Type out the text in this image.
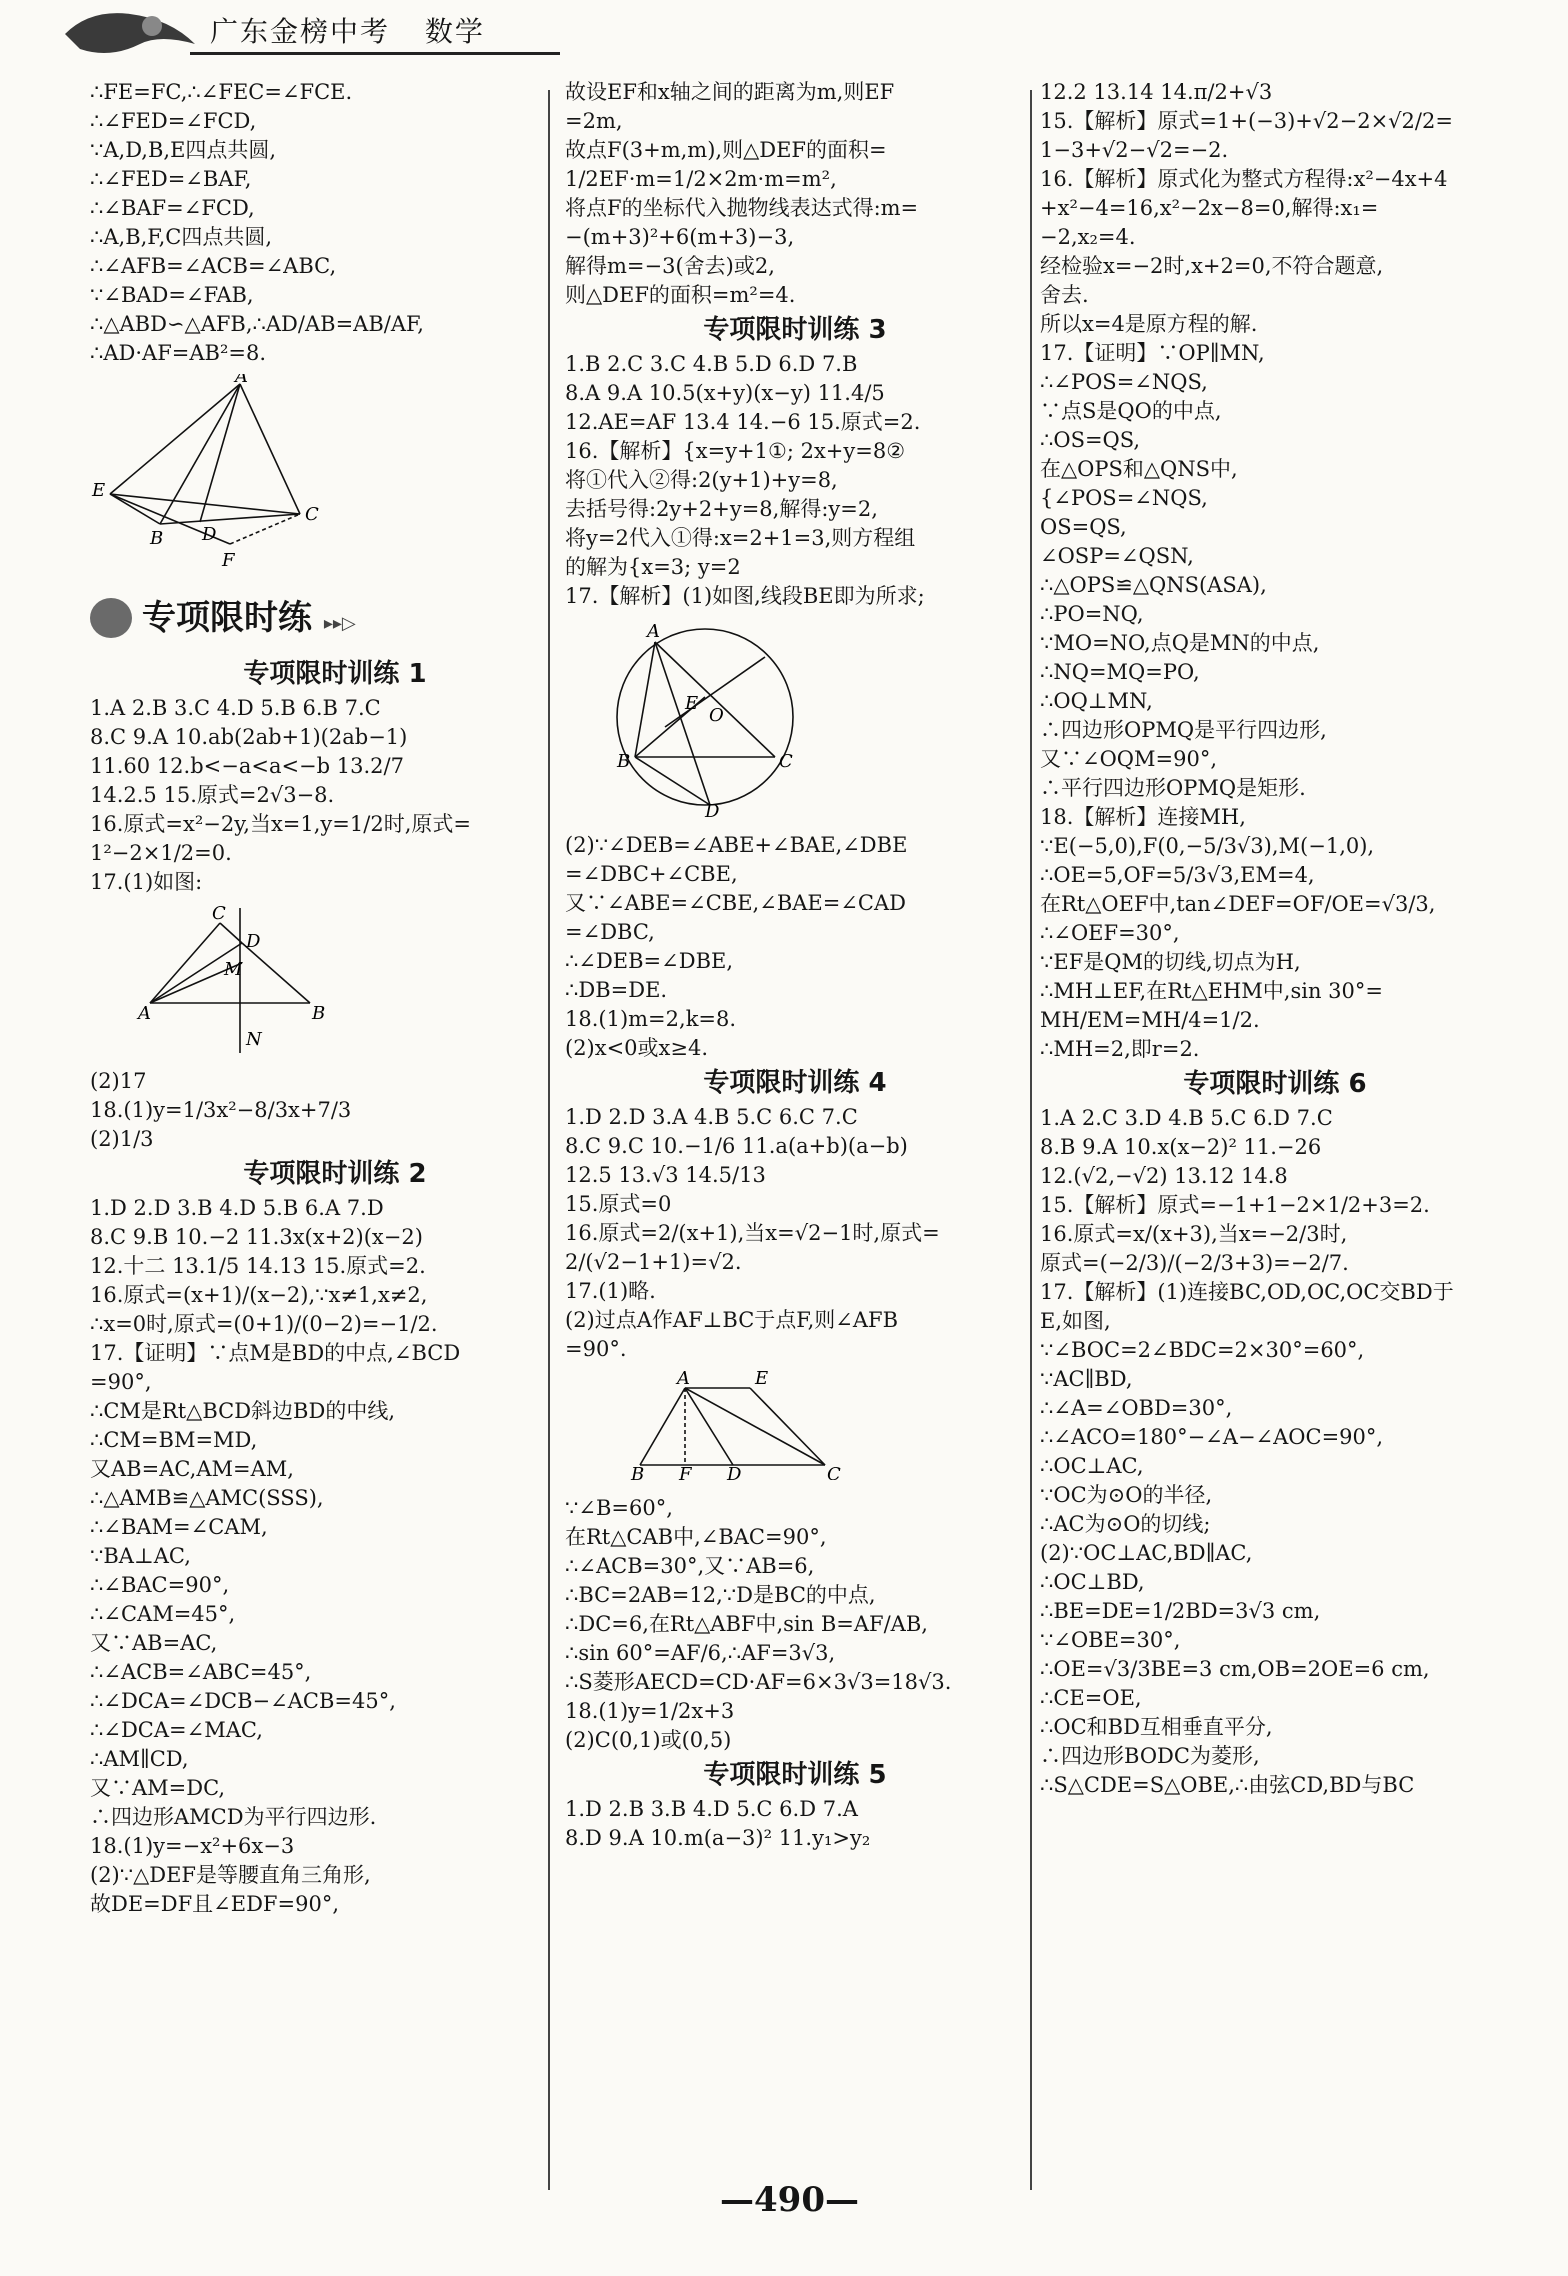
广东金榜中考 数学
∴FE=FC,∴∠FEC=∠FCE.
∴∠FED=∠FCD,
∵A,D,B,E四点共圆,
∴∠FED=∠BAF,
∴∠BAF=∠FCD,
∴A,B,F,C四点共圆,
∴∠AFB=∠ACB=∠ABC,
∵∠BAD=∠FAB,
∴△ABD∽△AFB,∴AD/AB=AB/AF,
∴AD·AF=AB²=8.
A
E
B D
C
F
专项限时练 ▸▸▷
专项限时训练 1
1.A 2.B 3.C 4.D 5.B 6.B 7.C
8.C 9.A 10.ab(2ab+1)(2ab−1)
11.60 12.b<−a<a<−b 13.2/7
14.2.5 15.原式=2√3−8.
16.原式=x²−2y,当x=1,y=1/2时,原式=
1²−2×1/2=0.
17.(1)如图:
C
D
M
A	B
N
(2)17
18.(1)y=1/3x²−8/3x+7/3
(2)1/3
专项限时训练 2
1.D 2.D 3.B 4.D 5.B 6.A 7.D
8.C 9.B 10.−2 11.3x(x+2)(x−2)
12.十二 13.1/5 14.13 15.原式=2.
16.原式=(x+1)/(x−2),∵x≠1,x≠2,
∴x=0时,原式=(0+1)/(0−2)=−1/2.
17.【证明】∵点M是BD的中点,∠BCD
=90°,
∴CM是Rt△BCD斜边BD的中线,
∴CM=BM=MD,
又AB=AC,AM=AM,
∴△AMB≌△AMC(SSS),
∴∠BAM=∠CAM,
∵BA⊥AC,
∴∠BAC=90°,
∴∠CAM=45°,
又∵AB=AC,
∴∠ACB=∠ABC=45°,
∴∠DCA=∠DCB−∠ACB=45°,
∴∠DCA=∠MAC,
∴AM∥CD,
又∵AM=DC,
∴四边形AMCD为平行四边形.
18.(1)y=−x²+6x−3
(2)∵△DEF是等腰直角三角形,
故DE=DF且∠EDF=90°,
故设EF和x轴之间的距离为m,则EF
=2m,
故点F(3+m,m),则△DEF的面积=
1/2EF·m=1/2×2m·m=m²,
将点F的坐标代入抛物线表达式得:m=
−(m+3)²+6(m+3)−3,
解得m=−3(舍去)或2,
则△DEF的面积=m²=4.
专项限时训练 3
1.B 2.C 3.C 4.B 5.D 6.D 7.B
8.A 9.A 10.5(x+y)(x−y) 11.4/5
12.AE=AF 13.4 14.−6 15.原式=2.
16.【解析】{x=y+1①; 2x+y=8②
将①代入②得:2(y+1)+y=8,
去括号得:2y+2+y=8,解得:y=2,
将y=2代入①得:x=2+1=3,则方程组
的解为{x=3; y=2
17.【解析】(1)如图,线段BE即为所求;
A
E
O
B	C
D
(2)∵∠DEB=∠ABE+∠BAE,∠DBE
=∠DBC+∠CBE,
又∵∠ABE=∠CBE,∠BAE=∠CAD
=∠DBC,
∴∠DEB=∠DBE,
∴DB=DE.
18.(1)m=2,k=8.
(2)x<0或x≥4.
专项限时训练 4
1.D 2.D 3.A 4.B 5.C 6.C 7.C
8.C 9.C 10.−1/6 11.a(a+b)(a−b)
12.5 13.√3 14.5/13
15.原式=0
16.原式=2/(x+1),当x=√2−1时,原式=
2/(√2−1+1)=√2.
17.(1)略.
(2)过点A作AF⊥BC于点F,则∠AFB
=90°.
A	E
B F D	C
∵∠B=60°,
在Rt△CAB中,∠BAC=90°,
∴∠ACB=30°,又∵AB=6,
∴BC=2AB=12,∵D是BC的中点,
∴DC=6,在Rt△ABF中,sin B=AF/AB,
∴sin 60°=AF/6,∴AF=3√3,
∴S菱形AECD=CD·AF=6×3√3=18√3.
18.(1)y=1/2x+3
(2)C(0,1)或(0,5)
专项限时训练 5
1.D 2.B 3.B 4.D 5.C 6.D 7.A
8.D 9.A 10.m(a−3)² 11.y₁>y₂
12.2 13.14 14.π/2+√3
15.【解析】原式=1+(−3)+√2−2×√2/2=
1−3+√2−√2=−2.
16.【解析】原式化为整式方程得:x²−4x+4
+x²−4=16,x²−2x−8=0,解得:x₁=
−2,x₂=4.
经检验x=−2时,x+2=0,不符合题意,
舍去.
所以x=4是原方程的解.
17.【证明】∵OP∥MN,
∴∠POS=∠NQS,
∵点S是QO的中点,
∴OS=QS,
在△OPS和△QNS中,
{∠POS=∠NQS,
OS=QS,
∠OSP=∠QSN,
∴△OPS≌△QNS(ASA),
∴PO=NQ,
∵MO=NO,点Q是MN的中点,
∴NQ=MQ=PO,
∴OQ⊥MN,
∴四边形OPMQ是平行四边形,
又∵∠OQM=90°,
∴平行四边形OPMQ是矩形.
18.【解析】连接MH,
∵E(−5,0),F(0,−5/3√3),M(−1,0),
∴OE=5,OF=5/3√3,EM=4,
在Rt△OEF中,tan∠DEF=OF/OE=√3/3,
∴∠OEF=30°,
∵EF是QM的切线,切点为H,
∴MH⊥EF,在Rt△EHM中,sin 30°=
MH/EM=MH/4=1/2.
∴MH=2,即r=2.
专项限时训练 6
1.A 2.C 3.D 4.B 5.C 6.D 7.C
8.B 9.A 10.x(x−2)² 11.−26
12.(√2,−√2) 13.12 14.8
15.【解析】原式=−1+1−2×1/2+3=2.
16.原式=x/(x+3),当x=−2/3时,
原式=(−2/3)/(−2/3+3)=−2/7.
17.【解析】(1)连接BC,OD,OC,OC交BD于
E,如图,
∵∠BOC=2∠BDC=2×30°=60°,
∵AC∥BD,
∴∠A=∠OBD=30°,
∴∠ACO=180°−∠A−∠AOC=90°,
∴OC⊥AC,
∵OC为⊙O的半径,
∴AC为⊙O的切线;
(2)∵OC⊥AC,BD∥AC,
∴OC⊥BD,
∴BE=DE=1/2BD=3√3 cm,
∵∠OBE=30°,
∴OE=√3/3BE=3 cm,OB=2OE=6 cm,
∴CE=OE,
∴OC和BD互相垂直平分,
∴四边形BODC为菱形,
∴S△CDE=S△OBE,∴由弦CD,BD与BC
—490—
